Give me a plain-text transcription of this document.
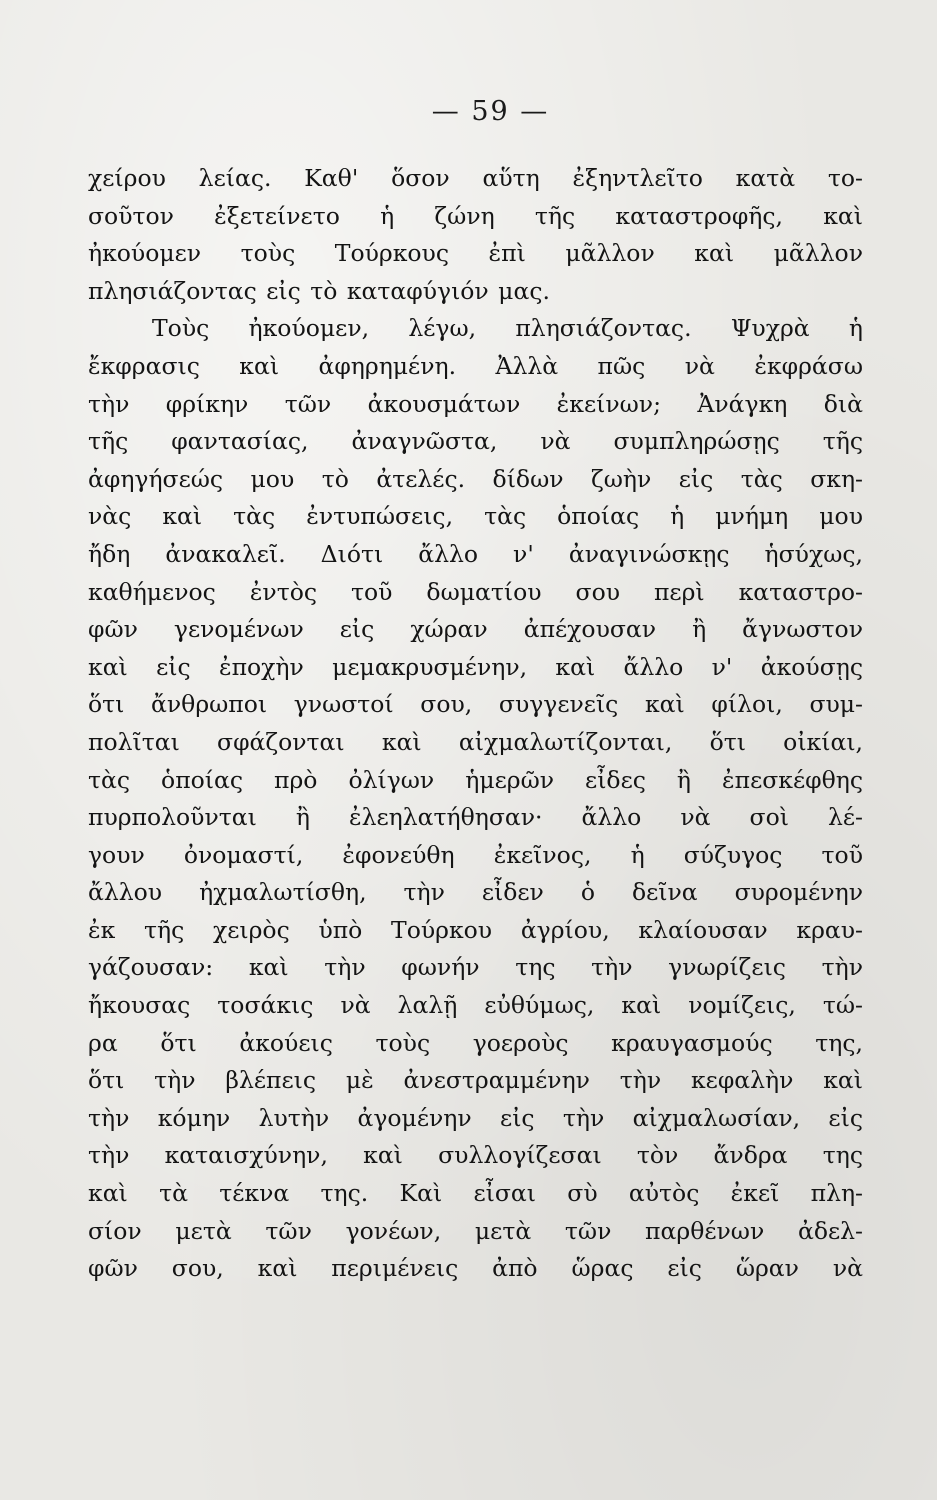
— 59 —
χείρου λείας. Καθ' ὅσον αὕτη ἐξηντλεῖτο κατὰ το-
σοῦτον ἐξετείνετο ἡ ζώνη τῆς καταστροφῆς, καὶ
ἠκούομεν τοὺς Τούρκους ἐπὶ μᾶλλον καὶ μᾶλλον
πλησιάζοντας εἰς τὸ καταφύγιόν μας.
Τοὺς ἠκούομεν, λέγω, πλησιάζοντας. Ψυχρὰ ἡ
ἔκφρασις καὶ ἀφηρημένη. Ἀλλὰ πῶς νὰ ἐκφράσω
τὴν φρίκην τῶν ἀκουσμάτων ἐκείνων; Ἀνάγκη διὰ
τῆς φαντασίας, ἀναγνῶστα, νὰ συμπληρώσῃς τῆς
ἀφηγήσεώς μου τὸ ἀτελές. δίδων ζωὴν εἰς τὰς σκη-
νὰς καὶ τὰς ἐντυπώσεις, τὰς ὁποίας ἡ μνήμη μου
ἤδη ἀνακαλεῖ. Διότι ἄλλο ν' ἀναγινώσκῃς ἡσύχως,
καθήμενος ἐντὸς τοῦ δωματίου σου περὶ καταστρο-
φῶν γενομένων εἰς χώραν ἀπέχουσαν ἢ ἄγνωστον
καὶ εἰς ἐποχὴν μεμακρυσμένην, καὶ ἄλλο ν' ἀκούσῃς
ὅτι ἄνθρωποι γνωστοί σου, συγγενεῖς καὶ φίλοι, συμ-
πολῖται σφάζονται καὶ αἰχμαλωτίζονται, ὅτι οἰκίαι,
τὰς ὁποίας πρὸ ὀλίγων ἡμερῶν εἶδες ἢ ἐπεσκέφθης
πυρπολοῦνται ἢ ἐλεηλατήθησαν· ἄλλο νὰ σοὶ λέ-
γουν ὀνομαστί, ἐφονεύθη ἐκεῖνος, ἡ σύζυγος τοῦ
ἄλλου ἠχμαλωτίσθη, τὴν εἶδεν ὁ δεῖνα συρομένην
ἐκ τῆς χειρὸς ὑπὸ Τούρκου ἀγρίου, κλαίουσαν κραυ-
γάζουσαν: καὶ τὴν φωνήν της τὴν γνωρίζεις τὴν
ἤκουσας τοσάκις νὰ λαλῇ εὐθύμως, καὶ νομίζεις, τώ-
ρα ὅτι ἀκούεις τοὺς γοεροὺς κραυγασμούς της,
ὅτι τὴν βλέπεις μὲ ἀνεστραμμένην τὴν κεφαλὴν καὶ
τὴν κόμην λυτὴν ἀγομένην εἰς τὴν αἰχμαλωσίαν, εἰς
τὴν καταισχύνην, καὶ συλλογίζεσαι τὸν ἄνδρα της
καὶ τὰ τέκνα της. Καὶ εἶσαι σὺ αὐτὸς ἐκεῖ πλη-
σίον μετὰ τῶν γονέων, μετὰ τῶν παρθένων ἀδελ-
φῶν σου, καὶ περιμένεις ἀπὸ ὥρας εἰς ὥραν νὰ
